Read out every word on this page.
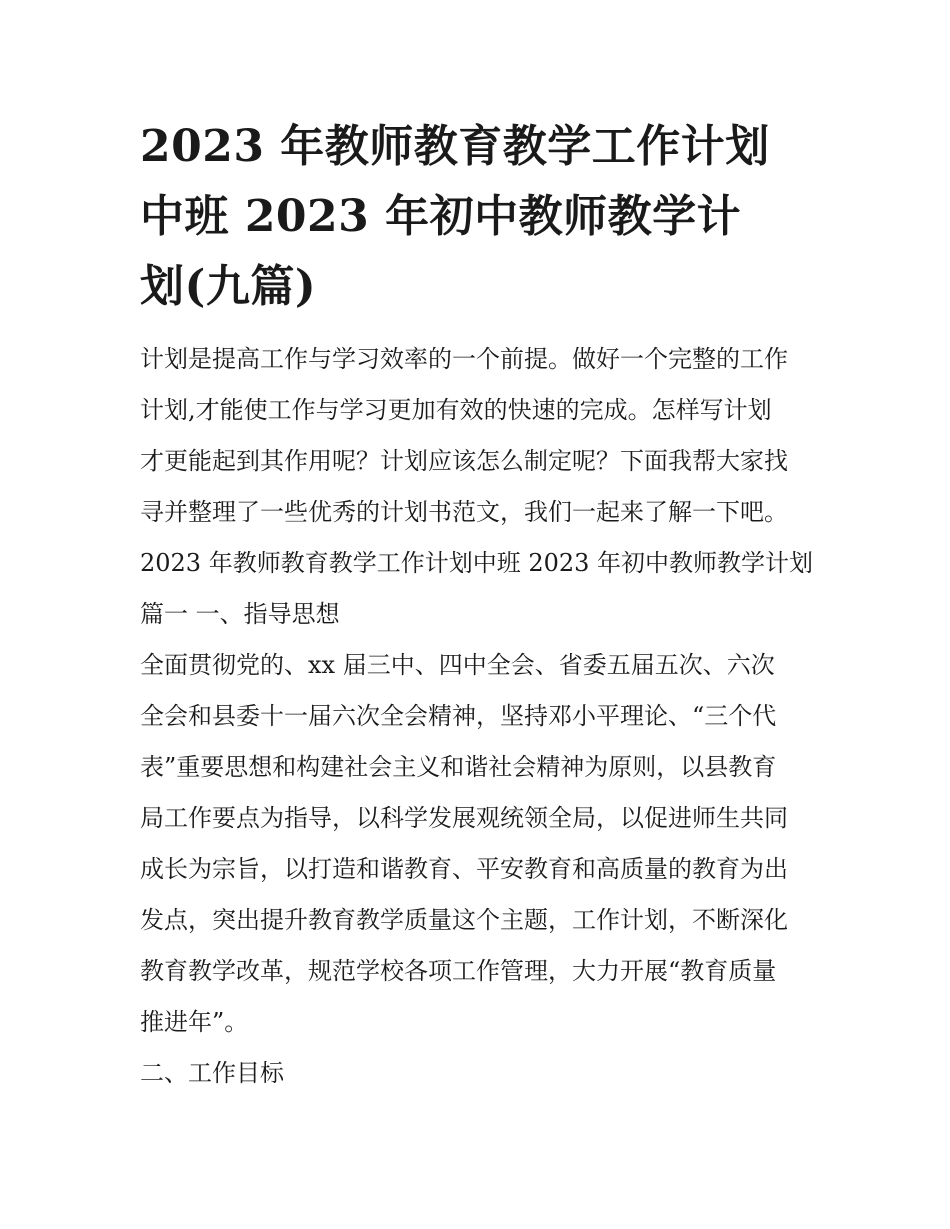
2023 年教师教育教学工作计划
中班 2023 年初中教师教学计
划(九篇)

计划是提高工作与学习效率的一个前提。做好一个完整的工作

计划,才能使工作与学习更加有效的快速的完成。怎样写计划

才更能起到其作用呢？计划应该怎么制定呢？下面我帮大家找

寻并整理了一些优秀的计划书范文，我们一起来了解一下吧。

2023 年教师教育教学工作计划中班 2023 年初中教师教学计划

篇一 一、指导思想

全面贯彻党的、xx 届三中、四中全会、省委五届五次、六次

全会和县委十一届六次全会精神，坚持邓小平理论、“三个代

表”重要思想和构建社会主义和谐社会精神为原则，以县教育

局工作要点为指导，以科学发展观统领全局，以促进师生共同

成长为宗旨，以打造和谐教育、平安教育和高质量的教育为出

发点，突出提升教育教学质量这个主题，工作计划，不断深化

教育教学改革，规范学校各项工作管理，大力开展“教育质量

推进年”。

二、工作目标
